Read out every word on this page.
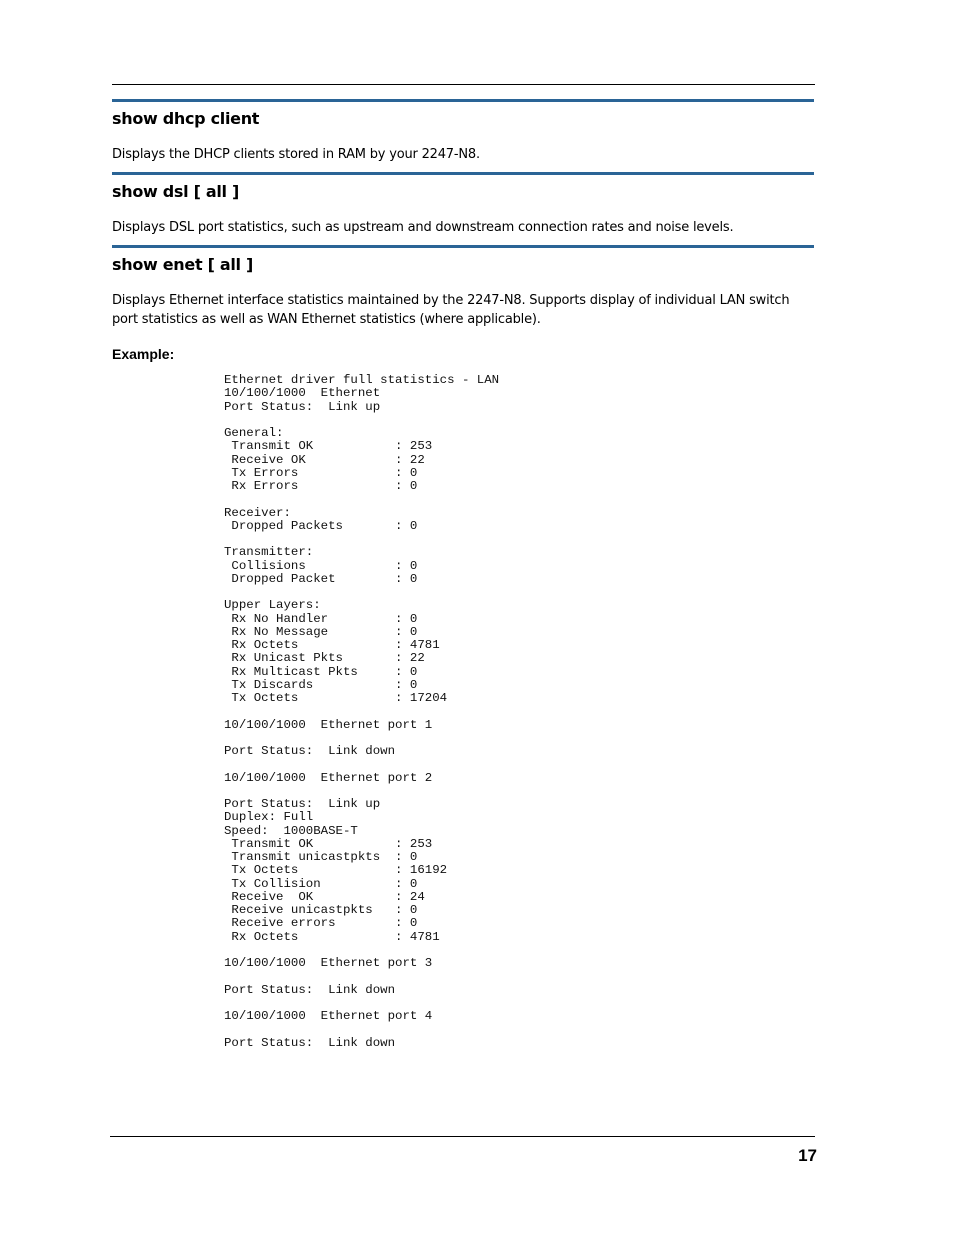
show dhcp client

Displays the DHCP clients stored in RAM by your 2247-N8.

show dsl [ all ]

Displays DSL port statistics, such as upstream and downstream connection rates and noise levels.

show enet [ all ]

Displays Ethernet interface statistics maintained by the 2247-N8. Supports display of individual LAN switch port statistics as well as WAN Ethernet statistics (where applicable).

Example:

Ethernet driver full statistics - LAN
10/100/1000  Ethernet
Port Status:  Link up

General:
Transmit OK           : 253
Receive OK            : 22
Tx Errors             : 0
Rx Errors             : 0

Receiver:
Dropped Packets       : 0

Transmitter:
Collisions            : 0
Dropped Packet        : 0

Upper Layers:
Rx No Handler         : 0
Rx No Message         : 0
Rx Octets             : 4781
Rx Unicast Pkts       : 22
Rx Multicast Pkts     : 0
Tx Discards           : 0
Tx Octets             : 17204

10/100/1000  Ethernet port 1

Port Status:  Link down

10/100/1000  Ethernet port 2

Port Status:  Link up
Duplex: Full
Speed:  1000BASE-T
Transmit OK           : 253
Transmit unicastpkts  : 0
Tx Octets             : 16192
Tx Collision          : 0
Receive  OK           : 24
Receive unicastpkts   : 0
Receive errors        : 0
Rx Octets             : 4781

10/100/1000  Ethernet port 3

Port Status:  Link down

10/100/1000  Ethernet port 4

Port Status:  Link down

17
